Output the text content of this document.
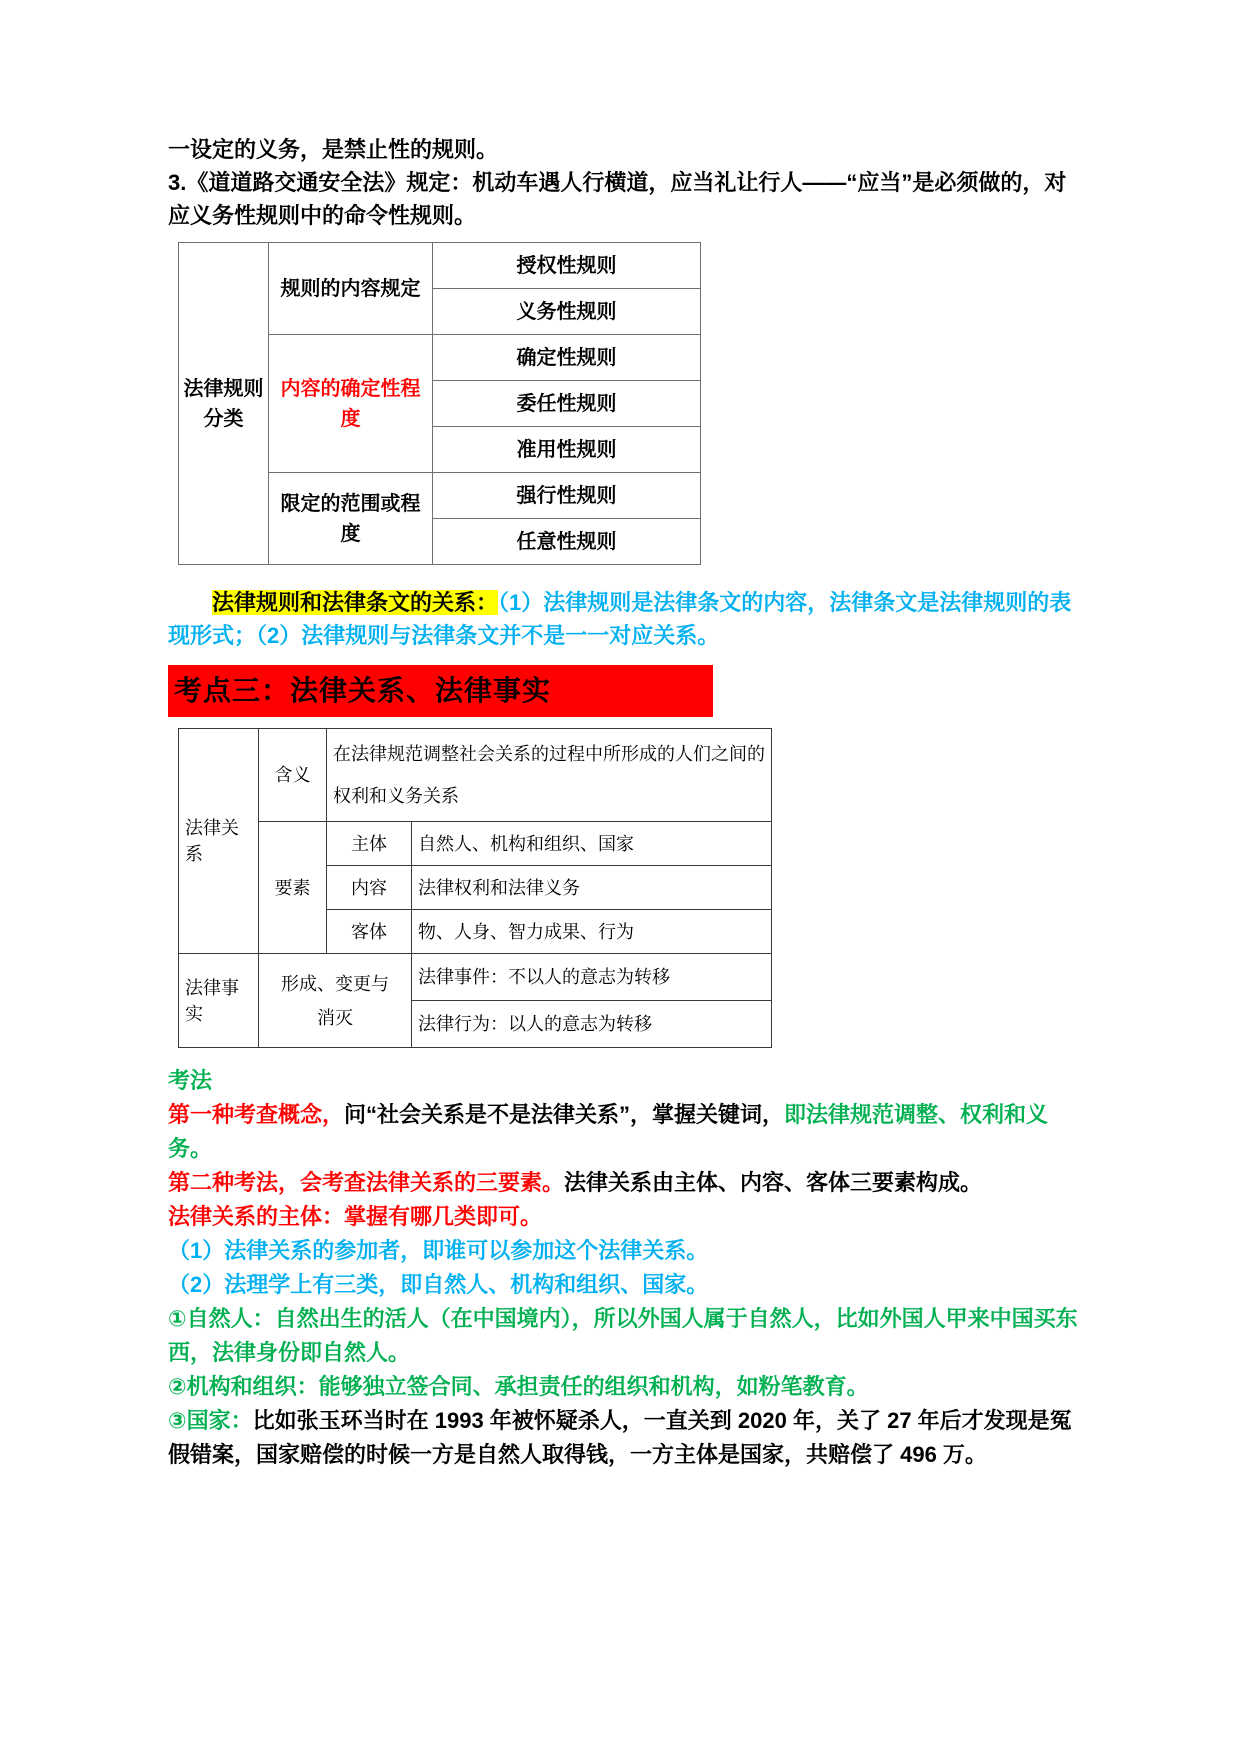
一设定的义务，是禁止性的规则。

3.《道道路交通安全法》规定：机动车遇人行横道，应当礼让行人——“应当”是必须做的，对应义务性规则中的命令性规则。

法律规则分类	规则的内容规定	授权性规则
		义务性规则
	内容的确定性程度	确定性规则
		委任性规则
		准用性规则
	限定的范围或程度	强行性规则
		任意性规则

法律规则和法律条文的关系：（1）法律规则是法律条文的内容，法律条文是法律规则的表现形式；（2）法律规则与法律条文并不是一一对应关系。

考点三：法律关系、法律事实
法律关系	含义	在法律规范调整社会关系的过程中所形成的人们之间的权利和义务关系	
	要素	主体	自然人、机构和组织、国家
		内容	法律权利和法律义务
		客体	物、人身、智力成果、行为
法律事实	形成、变更与消灭		法律事件：不以人的意志为转移
			法律行为：以人的意志为转移

考法

第一种考查概念，问“社会关系是不是法律关系”，掌握关键词，即法律规范调整、权利和义务。

第二种考法，会考查法律关系的三要素。法律关系由主体、内容、客体三要素构成。

法律关系的主体：掌握有哪几类即可。

（1）法律关系的参加者，即谁可以参加这个法律关系。

（2）法理学上有三类，即自然人、机构和组织、国家。

①自然人：自然出生的活人（在中国境内），所以外国人属于自然人，比如外国人甲来中国买东西，法律身份即自然人。

②机构和组织：能够独立签合同、承担责任的组织和机构，如粉笔教育。

③国家：比如张玉环当时在 1993 年被怀疑杀人，一直关到 2020 年，关了 27 年后才发现是冤假错案，国家赔偿的时候一方是自然人取得钱，一方主体是国家，共赔偿了 496 万。
